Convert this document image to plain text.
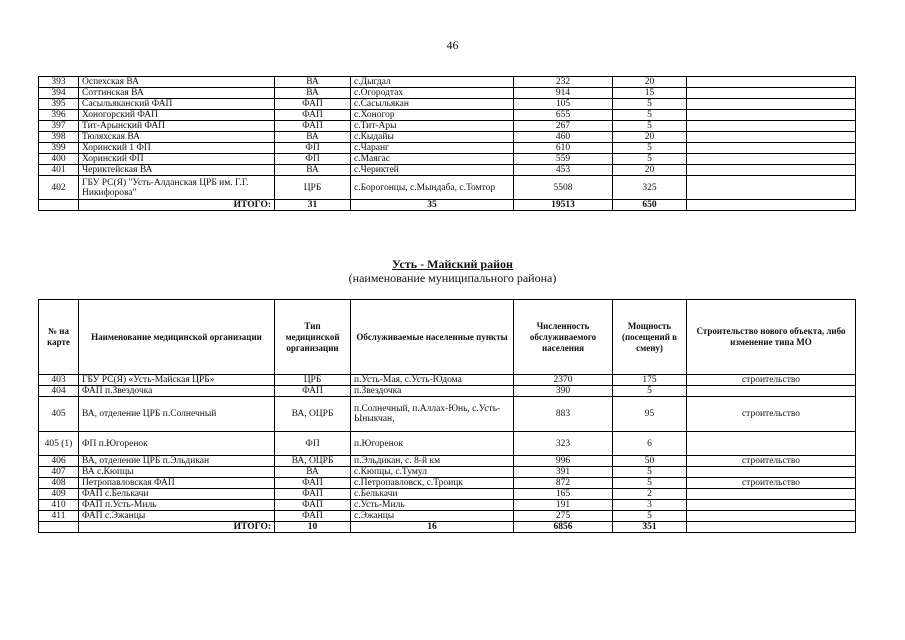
46
393	Оспехская ВА	ВА	с.Дыгдал	232	20	
394	Соттинская ВА	ВА	с.Огородтах	914	15	
395	Сасыльяканский ФАП	ФАП	с.Сасыльякан	105	5	
396	Хоногорский ФАП	ФАП	с.Хоногор	655	5	
397	Тит-Арынский ФАП	ФАП	с.Тит-Ары	267	5	
398	Тюляхская ВА	ВА	с.Кыдайы	460	20	
399	Хоринский 1 ФП	ФП	с.Чаранг	610	5	
400	Хоринский ФП	ФП	с.Маягас	559	5	
401	Чериктейская ВА	ВА	с.Чериктей	453	20	
402	ГБУ РС(Я) "Усть-Алданская ЦРБ им. Г.Г. Никифорова"	ЦРБ	с.Борогонцы, с.Мындаба, с.Томтор	5508	325	
	ИТОГО:	31	35	19513	650	
Усть - Майский район
(наименование муниципального района)
№ на карте	Наименование медицинской организации	Тип медицинской организации	Обслуживаемые населенные пункты	Численность обслуживаемого населения	Мощность (посещений в смену)	Строительство нового объекта, либо изменение типа МО
403	ГБУ РС(Я) «Усть-Майская ЦРБ»	ЦРБ	п.Усть-Мая, с.Усть-Юдома	2370	175	строительство
404	ФАП п.Звездочка	ФАП	п.Звездочка	390	5	
405	ВА, отделение ЦРБ п.Солнечный	ВА, ОЦРБ	п.Солнечный, п.Аллах-Юнь, с.Усть-Ыныкчан,	883	95	строительство
405 (1)	ФП п.Югоренок	ФП	п.Югоренок	323	6	
406	ВА, отделение ЦРБ п.Эльдикан	ВА, ОЦРБ	п.Эльдикан, с. 8-й км	996	50	строительство
407	ВА с.Кюпцы	ВА	с.Кюпцы, с.Тумул	391	5	
408	Петропавловская ФАП	ФАП	с.Петропавловск, с.Троицк	872	5	строительство
409	ФАП с.Белькачи	ФАП	с.Белькачи	165	2	
410	ФАП п.Усть-Миль	ФАП	с.Усть-Миль	191	3	
411	ФАП с.Эжанцы	ФАП	с.Эжанцы	275	5	
	ИТОГО:	10	16	6856	351	
